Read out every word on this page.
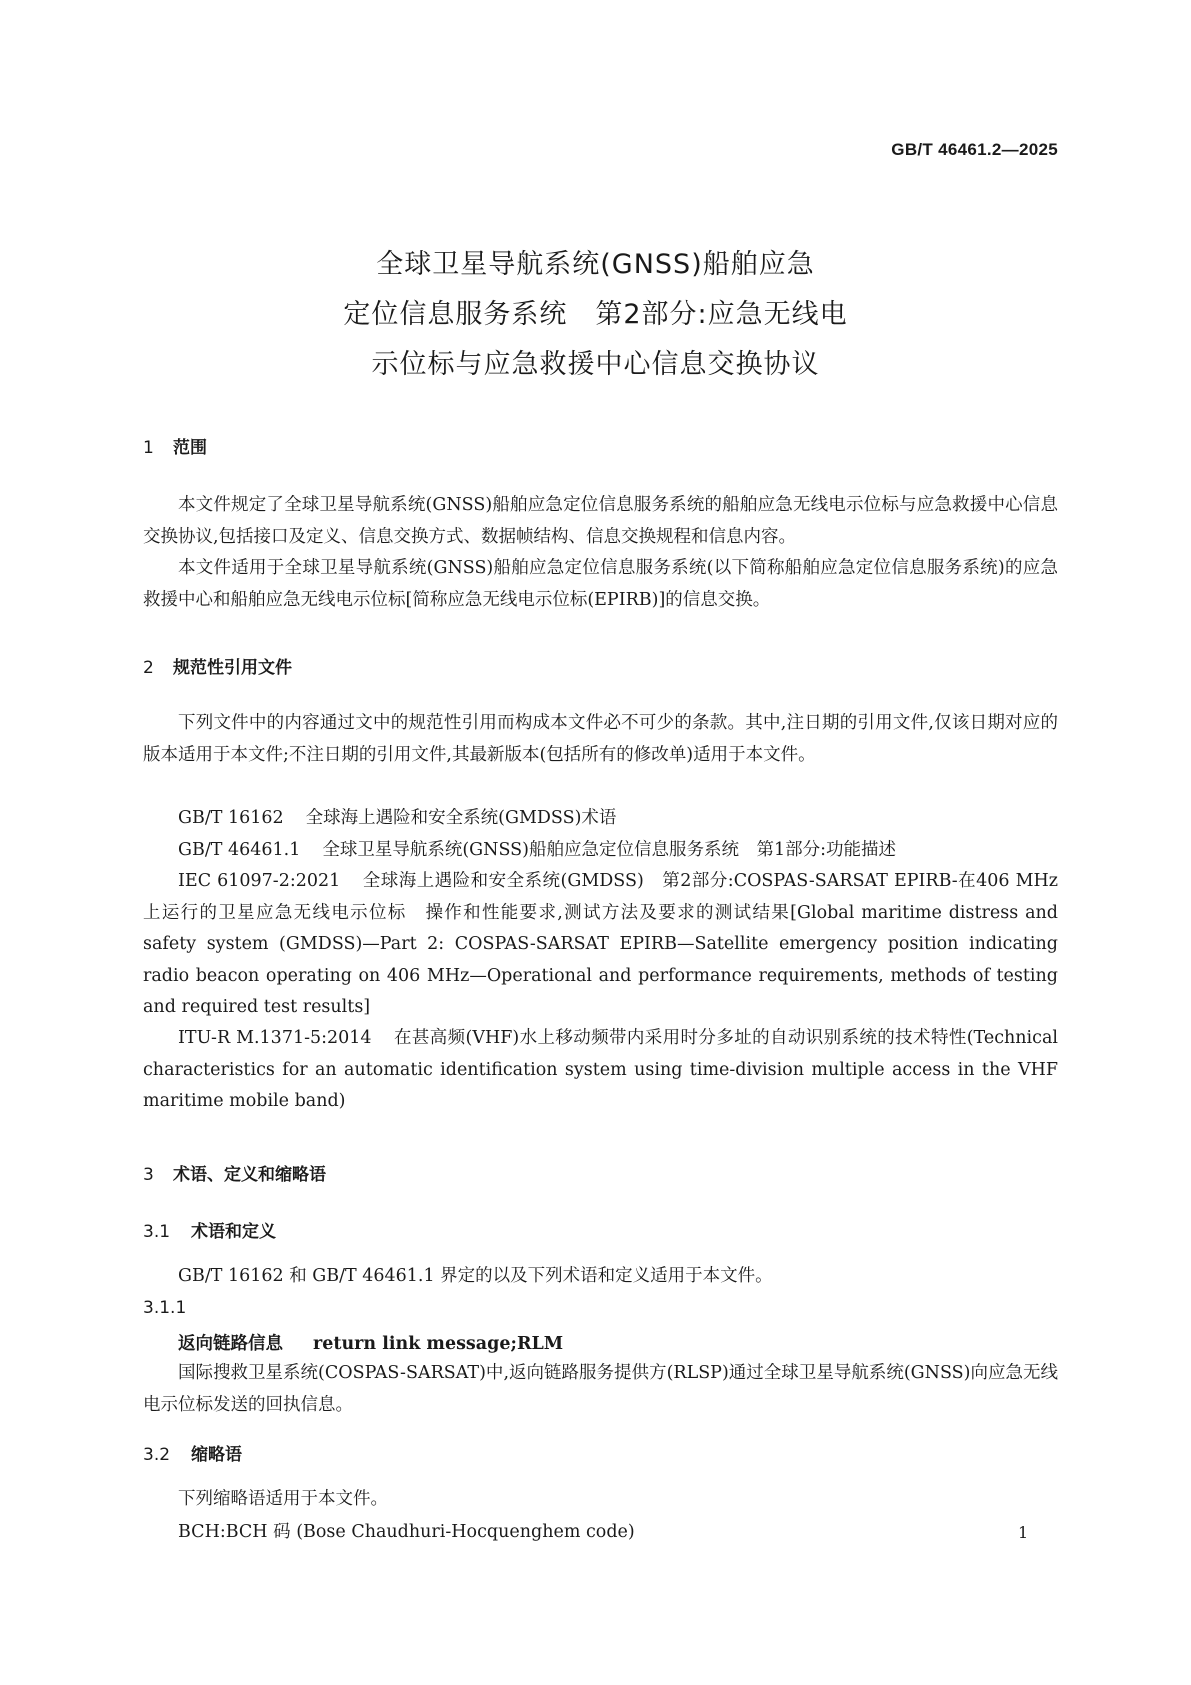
GB/T 46461.2—2025
全球卫星导航系统(GNSS)船舶应急
定位信息服务系统　第2部分:应急无线电
示位标与应急救援中心信息交换协议
1 范围
本文件规定了全球卫星导航系统(GNSS)船舶应急定位信息服务系统的船舶应急无线电示位标与应急救援中心信息交换协议,包括接口及定义、信息交换方式、数据帧结构、信息交换规程和信息内容。
本文件适用于全球卫星导航系统(GNSS)船舶应急定位信息服务系统(以下简称船舶应急定位信息服务系统)的应急救援中心和船舶应急无线电示位标[简称应急无线电示位标(EPIRB)]的信息交换。
2 规范性引用文件
下列文件中的内容通过文中的规范性引用而构成本文件必不可少的条款。其中,注日期的引用文件,仅该日期对应的版本适用于本文件;不注日期的引用文件,其最新版本(包括所有的修改单)适用于本文件。
GB/T 16162 全球海上遇险和安全系统(GMDSS)术语
GB/T 46461.1 全球卫星导航系统(GNSS)船舶应急定位信息服务系统　第1部分:功能描述
IEC 61097-2:2021 全球海上遇险和安全系统(GMDSS)　第2部分:COSPAS-SARSAT EPIRB-在406 MHz上运行的卫星应急无线电示位标　操作和性能要求,测试方法及要求的测试结果[Global maritime distress and safety system (GMDSS)—Part 2: COSPAS-SARSAT EPIRB—Satellite emergency position indicating radio beacon operating on 406 MHz—Operational and performance requirements, methods of testing and required test results]
ITU-R M.1371-5:2014 在甚高频(VHF)水上移动频带内采用时分多址的自动识别系统的技术特性(Technical characteristics for an automatic identification system using time-division multiple access in the VHF maritime mobile band)
3 术语、定义和缩略语
3.1 术语和定义
GB/T 16162 和 GB/T 46461.1 界定的以及下列术语和定义适用于本文件。
3.1.1
返向链路信息 return link message;RLM
国际搜救卫星系统(COSPAS-SARSAT)中,返向链路服务提供方(RLSP)通过全球卫星导航系统(GNSS)向应急无线电示位标发送的回执信息。
3.2 缩略语
下列缩略语适用于本文件。
BCH:BCH 码 (Bose Chaudhuri-Hocquenghem code)	1
